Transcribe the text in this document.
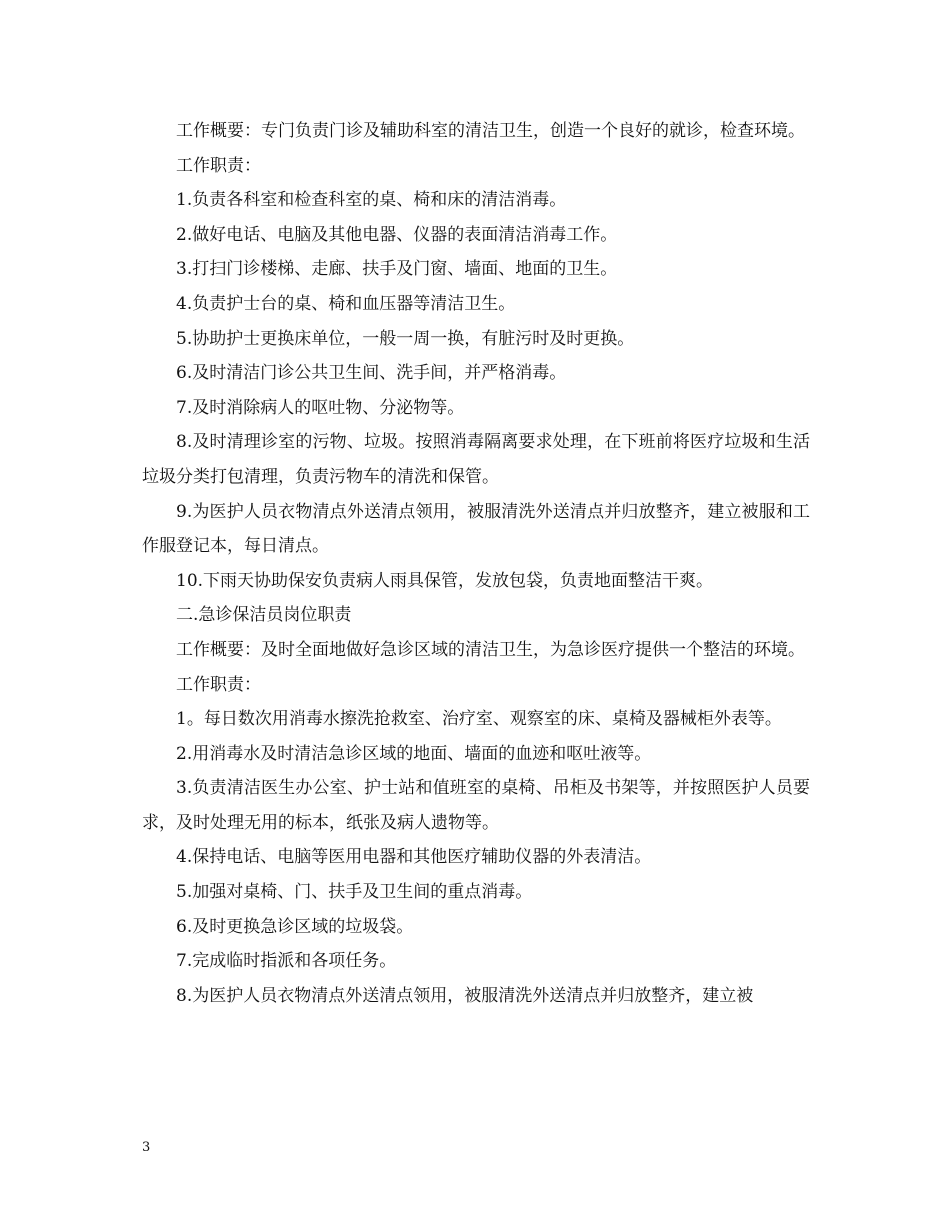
工作概要：专门负责门诊及辅助科室的清洁卫生，创造一个良好的就诊，检查环境。

工作职责：

1.负责各科室和检查科室的桌、椅和床的清洁消毒。

2.做好电话、电脑及其他电器、仪器的表面清洁消毒工作。

3.打扫门诊楼梯、走廊、扶手及门窗、墙面、地面的卫生。

4.负责护士台的桌、椅和血压器等清洁卫生。

5.协助护士更换床单位，一般一周一换，有脏污时及时更换。

6.及时清洁门诊公共卫生间、洗手间，并严格消毒。

7.及时消除病人的呕吐物、分泌物等。

8.及时清理诊室的污物、垃圾。按照消毒隔离要求处理，在下班前将医疗垃圾和生活垃圾分类打包清理，负责污物车的清洗和保管。

9.为医护人员衣物清点外送清点领用，被服清洗外送清点并归放整齐，建立被服和工作服登记本，每日清点。

10.下雨天协助保安负责病人雨具保管，发放包袋，负责地面整洁干爽。

二.急诊保洁员岗位职责

工作概要：及时全面地做好急诊区域的清洁卫生，为急诊医疗提供一个整洁的环境。

工作职责：

1。每日数次用消毒水擦洗抢救室、治疗室、观察室的床、桌椅及器械柜外表等。

2.用消毒水及时清洁急诊区域的地面、墙面的血迹和呕吐液等。

3.负责清洁医生办公室、护士站和值班室的桌椅、吊柜及书架等，并按照医护人员要求，及时处理无用的标本，纸张及病人遗物等。

4.保持电话、电脑等医用电器和其他医疗辅助仪器的外表清洁。

5.加强对桌椅、门、扶手及卫生间的重点消毒。

6.及时更换急诊区域的垃圾袋。

7.完成临时指派和各项任务。

8.为医护人员衣物清点外送清点领用，被服清洗外送清点并归放整齐，建立被

3
